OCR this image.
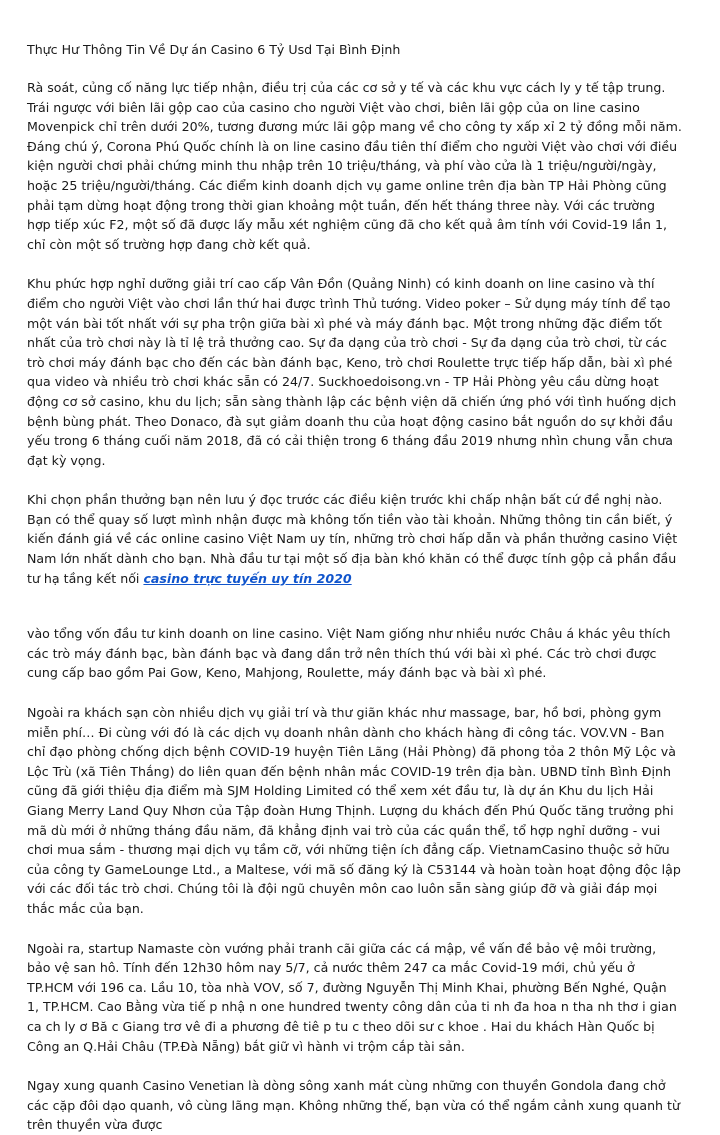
Thực Hư Thông Tin Về Dự án Casino 6 Tỷ Usd Tại Bình Định

Rà soát, củng cố năng lực tiếp nhận, điều trị của các cơ sở y tế và các khu vực cách ly y tế tập trung. Trái ngược với biên lãi gộp cao của casino cho người Việt vào chơi, biên lãi gộp của on line casino Movenpick chỉ trên dưới 20%, tương đương mức lãi gộp mang về cho công ty xấp xỉ 2 tỷ đồng mỗi năm. Đáng chú ý, Corona Phú Quốc chính là on line casino đầu tiên thí điểm cho người Việt vào chơi với điều kiện người chơi phải chứng minh thu nhập trên 10 triệu/tháng, và phí vào cửa là 1 triệu/người/ngày, hoặc 25 triệu/người/tháng. Các điểm kinh doanh dịch vụ game online trên địa bàn TP Hải Phòng cũng phải tạm dừng hoạt động trong thời gian khoảng một tuần, đến hết tháng three này. Với các trường hợp tiếp xúc F2, một số đã được lấy mẫu xét nghiệm cũng đã cho kết quả âm tính với Covid-19 lần 1, chỉ còn một số trường hợp đang chờ kết quả.

Khu phức hợp nghỉ dưỡng giải trí cao cấp Vân Đồn (Quảng Ninh) có kinh doanh on line casino và thí điểm cho người Việt vào chơi lần thứ hai được trình Thủ tướng. Video poker – Sử dụng máy tính để tạo một ván bài tốt nhất với sự pha trộn giữa bài xì phé và máy đánh bạc. Một trong những đặc điểm tốt nhất của trò chơi này là tỉ lệ trả thưởng cao. Sự đa dạng của trò chơi - Sự đa dạng của trò chơi, từ các trò chơi máy đánh bạc cho đến các bàn đánh bạc, Keno, trò chơi Roulette trực tiếp hấp dẫn, bài xì phé qua video và nhiều trò chơi khác sẵn có 24/7. Suckhoedoisong.vn - TP Hải Phòng yêu cầu dừng hoạt động cơ sở casino, khu du lịch; sẵn sàng thành lập các bệnh viện dã chiến ứng phó với tình huống dịch bệnh bùng phát. Theo Donaco, đà sụt giảm doanh thu của hoạt động casino bắt nguồn do sự khởi đầu yếu trong 6 tháng cuối năm 2018, đã có cải thiện trong 6 tháng đầu 2019 nhưng nhìn chung vẫn chưa đạt kỳ vọng.

Khi chọn phần thưởng bạn nên lưu ý đọc trước các điều kiện trước khi chấp nhận bất cứ đề nghị nào. Bạn có thể quay số lượt mình nhận được mà không tốn tiền vào tài khoản. Những thông tin cần biết, ý kiến đánh giá về các online casino Việt Nam uy tín, những trò chơi hấp dẫn và phần thưởng casino Việt Nam lớn nhất dành cho bạn. Nhà đầu tư tại một số địa bàn khó khăn có thể được tính gộp cả phần đầu tư hạ tầng kết nối casino trực tuyến uy tín 2020

vào tổng vốn đầu tư kinh doanh on line casino. Việt Nam giống như nhiều nước Châu á khác yêu thích các trò máy đánh bạc, bàn đánh bạc và đang dần trở nên thích thú với bài xì phé. Các trò chơi được cung cấp bao gồm Pai Gow, Keno, Mahjong, Roulette, máy đánh bạc và bài xì phé.

Ngoài ra khách sạn còn nhiều dịch vụ giải trí và thư giãn khác như massage, bar, hồ bơi, phòng gym miễn phí… Đi cùng với đó là các dịch vụ doanh nhân dành cho khách hàng đi công tác. VOV.VN - Ban chỉ đạo phòng chống dịch bệnh COVID-19 huyện Tiên Lãng (Hải Phòng) đã phong tỏa 2 thôn Mỹ Lộc và Lộc Trù (xã Tiên Thắng) do liên quan đến bệnh nhân mắc COVID-19 trên địa bàn. UBND tỉnh Bình Định cũng đã giới thiệu địa điểm mà SJM Holding Limited có thể xem xét đầu tư, là dự án Khu du lịch Hải Giang Merry Land Quy Nhơn của Tập đoàn Hưng Thịnh. Lượng du khách đến Phú Quốc tăng trưởng phi mã dù mới ở những tháng đầu năm, đã khẳng định vai trò của các quần thể, tổ hợp nghỉ dưỡng - vui chơi mua sắm - thương mại dịch vụ tầm cỡ, với những tiện ích đẳng cấp. VietnamCasino thuộc sở hữu của công ty GameLounge Ltd., a Maltese, với mã số đăng ký là C53144 và hoàn toàn hoạt động độc lập với các đối tác trò chơi. Chúng tôi là đội ngũ chuyên môn cao luôn sẵn sàng giúp đỡ và giải đáp mọi thắc mắc của bạn.

Ngoài ra, startup Namaste còn vướng phải tranh cãi giữa các cá mập, về vấn đề bảo vệ môi trường, bảo vệ san hô. Tính đến 12h30 hôm nay 5/7, cả nước thêm 247 ca mắc Covid-19 mới, chủ yếu ở TP.HCM với 196 ca. Lầu 10, tòa nhà VOV, số 7, đường Nguyễn Thị Minh Khai, phường Bến Nghé, Quận 1, TP.HCM. Cao Bằng vừa tiế p nhậ n one hundred twenty công dân của ti nh đa hoa n tha nh thơ i gian ca ch ly ơ Bă c Giang trơ vê đi a phương đê tiê p tu c theo dõi sư c khoe . Hai du khách Hàn Quốc bị Công an Q.Hải Châu (TP.Đà Nẵng) bắt giữ vì hành vi trộm cắp tài sản.

Ngay xung quanh Casino Venetian là dòng sông xanh mát cùng những con thuyền Gondola đang chở các cặp đôi dạo quanh, vô cùng lãng mạn. Không những thế, bạn vừa có thể ngắm cảnh xung quanh từ trên thuyền vừa được
